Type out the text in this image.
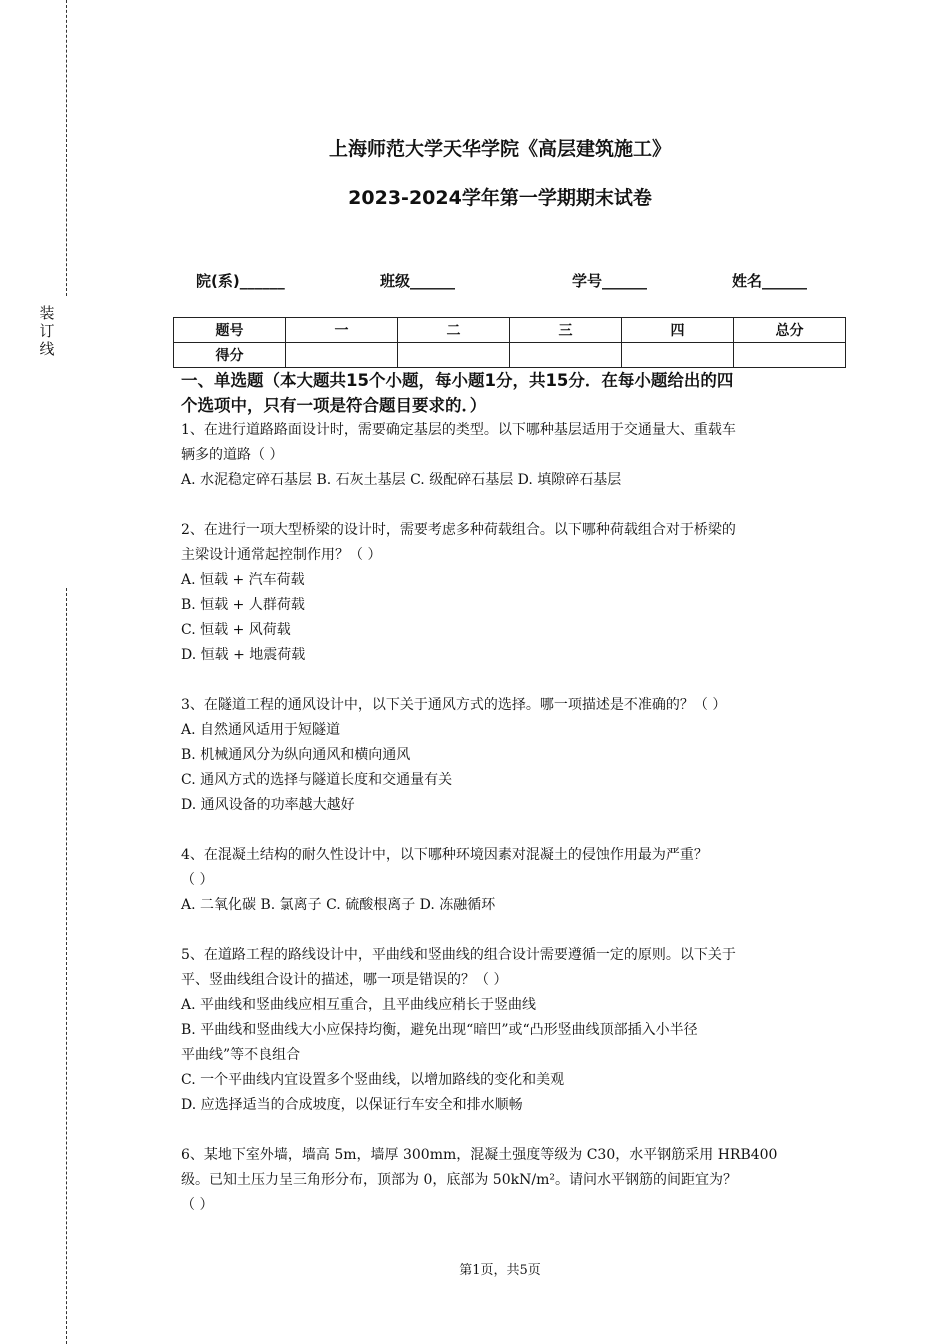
装
订
线
上海师范大学天华学院《高层建筑施工》
2023-2024学年第一学期期末试卷
院(系)______	班级______	学号______	姓名______
题号	一	二	三	四	总分
得分					
一、单选题（本大题共15个小题，每小题1分，共15分．在每小题给出的四
个选项中，只有一项是符合题目要求的．）
1、在进行道路路面设计时，需要确定基层的类型。以下哪种基层适用于交通量大、重载车
辆多的道路（ ）
A. 水泥稳定碎石基层 B. 石灰土基层 C. 级配碎石基层 D. 填隙碎石基层
2、在进行一项大型桥梁的设计时，需要考虑多种荷载组合。以下哪种荷载组合对于桥梁的
主梁设计通常起控制作用？（ ）
A. 恒载 + 汽车荷载
B. 恒载 + 人群荷载
C. 恒载 + 风荷载
D. 恒载 + 地震荷载
3、在隧道工程的通风设计中，以下关于通风方式的选择。哪一项描述是不准确的？（ ）
A. 自然通风适用于短隧道
B. 机械通风分为纵向通风和横向通风
C. 通风方式的选择与隧道长度和交通量有关
D. 通风设备的功率越大越好
4、在混凝土结构的耐久性设计中，以下哪种环境因素对混凝土的侵蚀作用最为严重？
（ ）
A. 二氧化碳 B. 氯离子 C. 硫酸根离子 D. 冻融循环
5、在道路工程的路线设计中，平曲线和竖曲线的组合设计需要遵循一定的原则。以下关于
平、竖曲线组合设计的描述，哪一项是错误的？（ ）
A. 平曲线和竖曲线应相互重合，且平曲线应稍长于竖曲线
B. 平曲线和竖曲线大小应保持均衡，避免出现“暗凹”或“凸形竖曲线顶部插入小半径
平曲线”等不良组合
C. 一个平曲线内宜设置多个竖曲线，以增加路线的变化和美观
D. 应选择适当的合成坡度，以保证行车安全和排水顺畅
6、某地下室外墙，墙高 5m，墙厚 300mm，混凝土强度等级为 C30，水平钢筋采用 HRB400
级。已知土压力呈三角形分布，顶部为 0，底部为 50kN/m²。请问水平钢筋的间距宜为？
（ ）
第1页，共5页
